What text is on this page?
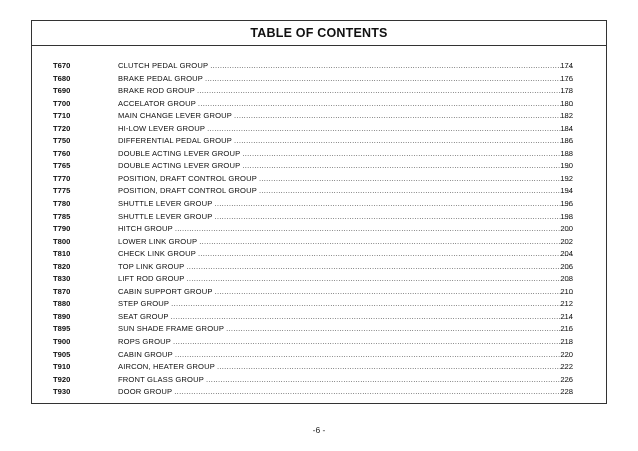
TABLE OF CONTENTS
T670	CLUTCH PEDAL GROUP .....	174
T680	BRAKE PEDAL GROUP .....	176
T690	BRAKE ROD GROUP .....	178
T700	ACCELATOR GROUP .....	180
T710	MAIN CHANGE LEVER GROUP .....	182
T720	HI-LOW LEVER GROUP .....	184
T750	DIFFERENTIAL PEDAL GROUP .....	186
T760	DOUBLE ACTING LEVER GROUP .....	188
T765	DOUBLE ACTING LEVER GROUP .....	190
T770	POSITION, DRAFT CONTROL GROUP .....	192
T775	POSITION, DRAFT CONTROL GROUP .....	194
T780	SHUTTLE LEVER GROUP .....	196
T785	SHUTTLE LEVER GROUP .....	198
T790	HITCH GROUP .....	200
T800	LOWER LINK GROUP .....	202
T810	CHECK LINK GROUP .....	204
T820	TOP LINK GROUP .....	206
T830	LIFT ROD GROUP .....	208
T870	CABIN SUPPORT GROUP .....	210
T880	STEP GROUP .....	212
T890	SEAT GROUP .....	214
T895	SUN SHADE FRAME GROUP .....	216
T900	ROPS GROUP .....	218
T905	CABIN GROUP .....	220
T910	AIRCON, HEATER GROUP .....	222
T920	FRONT GLASS GROUP .....	226
T930	DOOR GROUP .....	228
-6 -
